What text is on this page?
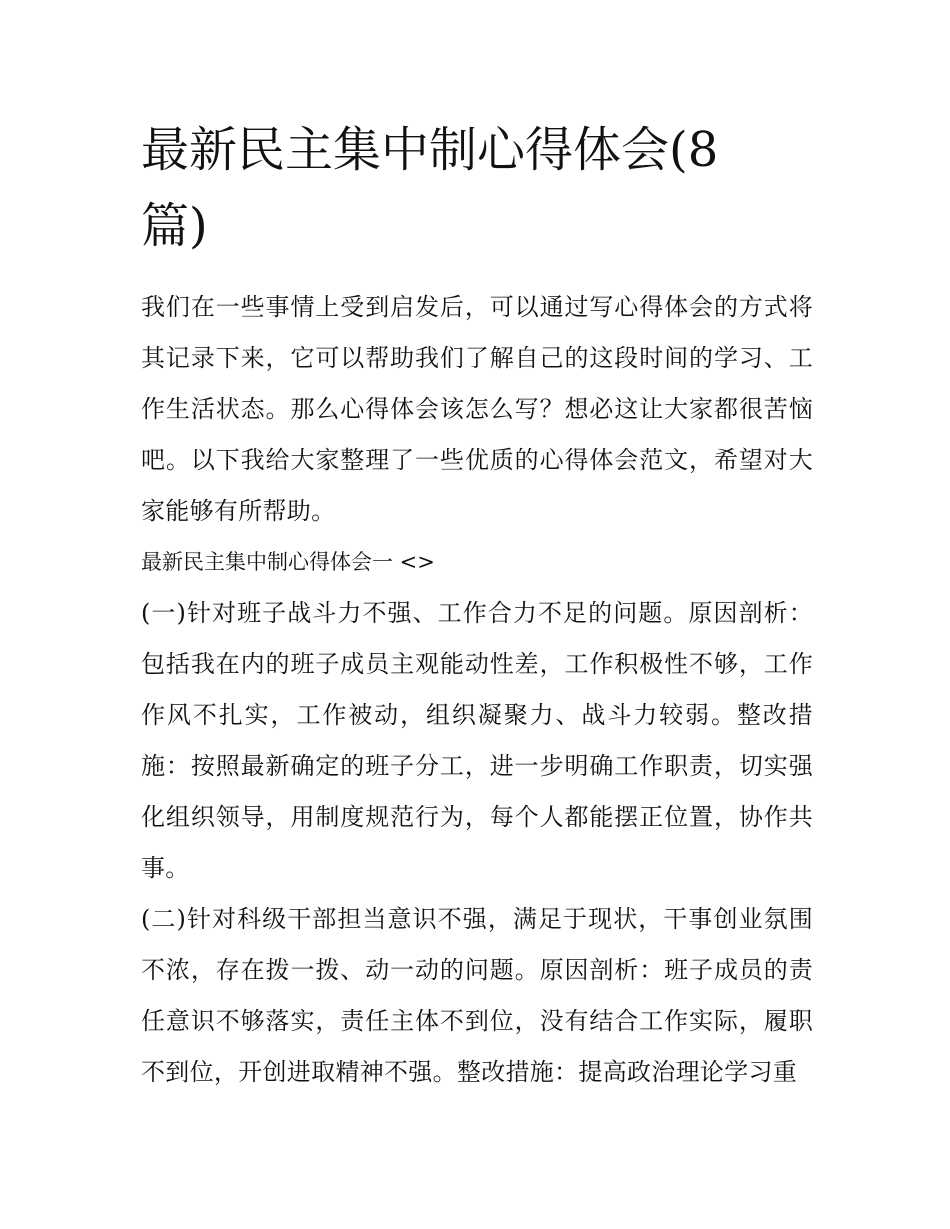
最新民主集中制心得体会(8篇)

我们在一些事情上受到启发后，可以通过写心得体会的方式将其记录下来，它可以帮助我们了解自己的这段时间的学习、工作生活状态。那么心得体会该怎么写？想必这让大家都很苦恼吧。以下我给大家整理了一些优质的心得体会范文，希望对大家能够有所帮助。

最新民主集中制心得体会一 <>

(一)针对班子战斗力不强、工作合力不足的问题。原因剖析：包括我在内的班子成员主观能动性差，工作积极性不够，工作作风不扎实，工作被动，组织凝聚力、战斗力较弱。整改措施：按照最新确定的班子分工，进一步明确工作职责，切实强化组织领导，用制度规范行为，每个人都能摆正位置，协作共事。

(二)针对科级干部担当意识不强，满足于现状，干事创业氛围不浓，存在拨一拨、动一动的问题。原因剖析：班子成员的责任意识不够落实，责任主体不到位，没有结合工作实际，履职不到位，开创进取精神不强。整改措施：提高政治理论学习重
